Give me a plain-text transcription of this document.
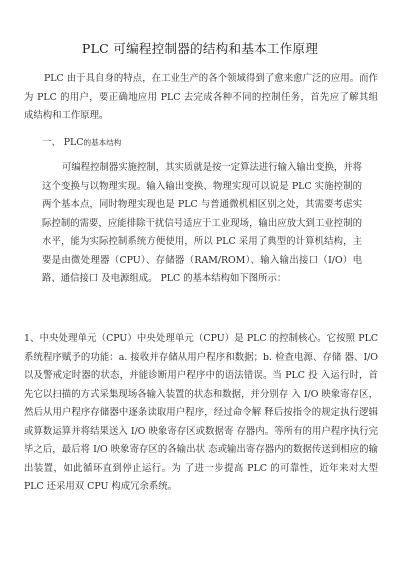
PLC 可编程控制器的结构和基本工作原理

PLC 由于具自身的特点，在工业生产的各个领域得到了愈来愈广泛的应用。而作为 PLC 的用户，要正确地应用 PLC 去完成各种不同的控制任务，首先应了解其组 成结构和工作原理。

一、 PLC的基本结构

可编程控制器实施控制，其实质就是按一定算法进行输入输出变换，并将这个变换与以物理实现。输入输出变换、物理实现可以说是 PLC 实施控制的两个基本点，同时物理实现也是 PLC 与普通微机相区别之处，其需要考虑实际控制的需要，应能排除干扰信号适应于工业现场，输出应放大到工业控制的水平，能为实际控制系统方便使用，所以 PLC 采用了典型的计算机结构，主要是由微处理器（CPU）、存储器（RAM/ROM）、输入输出接口（I/O）电路、通信接口 及电源组成。 PLC 的基本结构如下图所示：

1、中央处理单元（CPU）中央处理单元（CPU）是 PLC 的控制核心。它按照 PLC 系统程序赋予的功能：a. 接收并存储从用户程序和数据；b. 检查电源、存储 器、I/O 以及警戒定时器的状态，并能诊断用户程序中的语法错误。当 PLC 投 入运行时，首先它以扫描的方式采集现场各输入装置的状态和数据，并分别存 入 I/O 映象寄存区，然后从用户程序存储器中逐条读取用户程序，经过命令解 释后按指令的规定执行逻辑或算数运算并将结果送入 I/O 映象寄存区或数据寄 存器内。等所有的用户程序执行完毕之后，最后将 I/O 映象寄存区的各输出状 态或输出寄存器内的数据传送到相应的输出装置，如此循环直到停止运行。为 了进一步提高 PLC 的可靠性，近年来对大型 PLC 还采用双 CPU 构成冗余系统。
